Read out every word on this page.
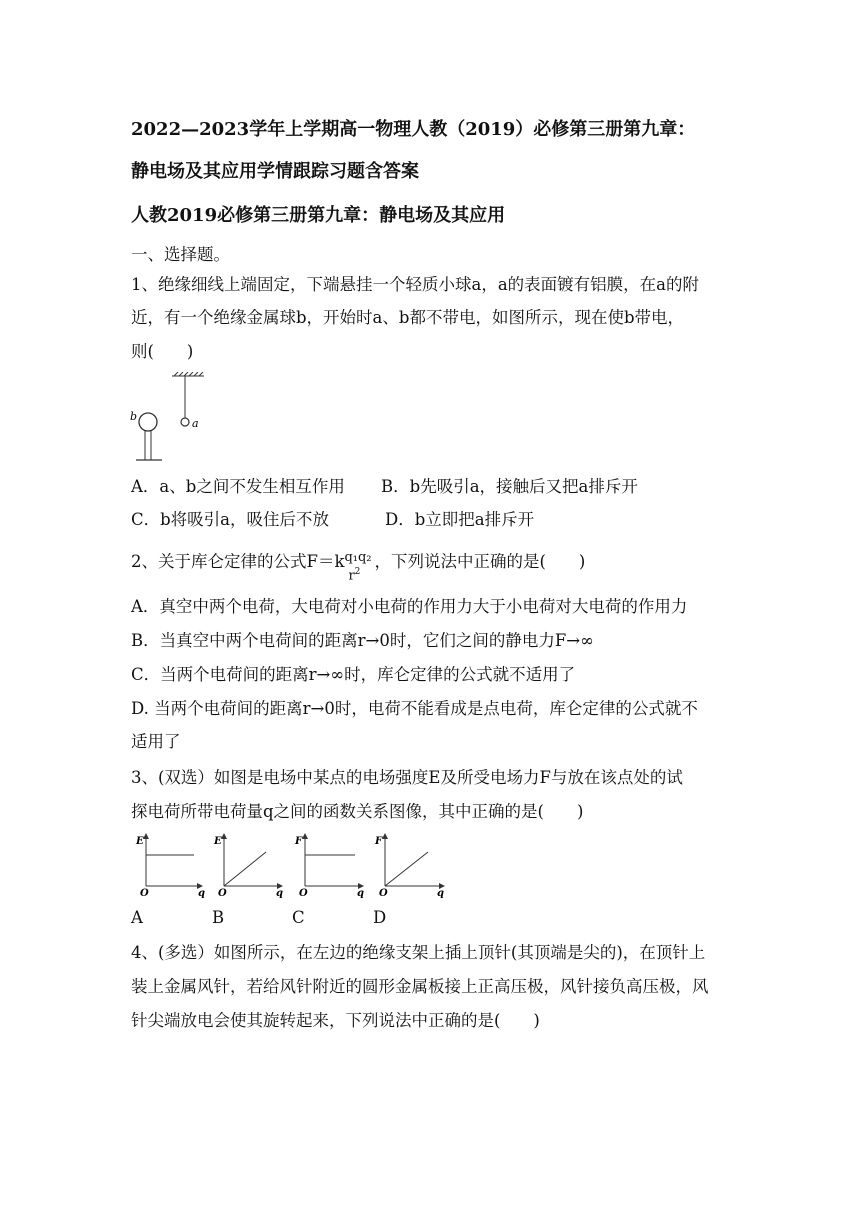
2022—2023学年上学期高一物理人教（2019）必修第三册第九章：
静电场及其应用学情跟踪习题含答案
人教2019必修第三册第九章：静电场及其应用
一、选择题。
1、绝缘细线上端固定，下端悬挂一个轻质小球a，a的表面镀有铝膜，在a的附
近，有一个绝缘金属球b，开始时a、b都不带电，如图所示，现在使b带电，
则(　　)
a
b
A．a、b之间不发生相互作用 B．b先吸引a，接触后又把a排斥开
C．b将吸引a，吸住后不放	D．b立即把a排斥开
2、关于库仑定律的公式F＝k q₁q₂
$r^2$
，下列说法中正确的是(　　)
A．真空中两个电荷，大电荷对小电荷的作用力大于小电荷对大电荷的作用力
B．当真空中两个电荷间的距离r→0时，它们之间的静电力F→∞
C．当两个电荷间的距离r→∞时，库仑定律的公式就不适用了
D. 当两个电荷间的距离r→0时，电荷不能看成是点电荷，库仑定律的公式就不
适用了
3、(双选）如图是电场中某点的电场强度E及所受电场力F与放在该点处的试
探电荷所带电荷量q之间的函数关系图像，其中正确的是(　　)
E
O	q
E
O	q
F
O	q
F
O	q
A	B	C	D
4、(多选）如图所示，在左边的绝缘支架上插上顶针(其顶端是尖的)，在顶针上
装上金属风针，若给风针附近的圆形金属板接上正高压极，风针接负高压极，风
针尖端放电会使其旋转起来，下列说法中正确的是(　　)
